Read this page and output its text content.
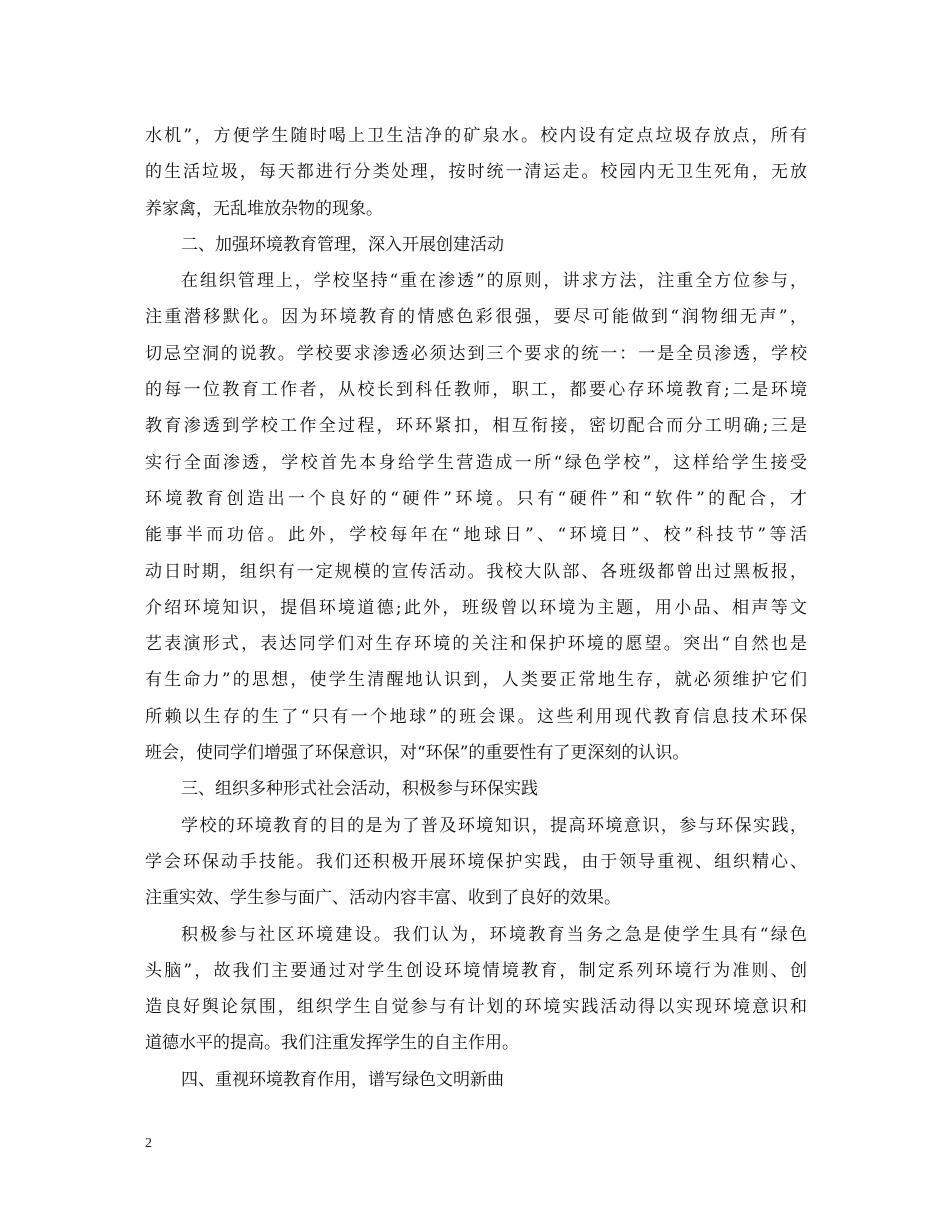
水机”，方便学生随时喝上卫生洁净的矿泉水。校内设有定点垃圾存放点，所有
的生活垃圾，每天都进行分类处理，按时统一清运走。校园内无卫生死角，无放
养家禽，无乱堆放杂物的现象。
二、加强环境教育管理，深入开展创建活动
在组织管理上，学校坚持“重在渗透”的原则，讲求方法，注重全方位参与，
注重潜移默化。因为环境教育的情感色彩很强，要尽可能做到“润物细无声”，
切忌空洞的说教。学校要求渗透必须达到三个要求的统一：一是全员渗透，学校
的每一位教育工作者，从校长到科任教师，职工，都要心存环境教育;二是环境
教育渗透到学校工作全过程，环环紧扣，相互衔接，密切配合而分工明确;三是
实行全面渗透，学校首先本身给学生营造成一所“绿色学校”，这样给学生接受
环境教育创造出一个良好的“硬件”环境。只有“硬件”和“软件”的配合，才
能事半而功倍。此外，学校每年在“地球日”、“环境日”、校”科技节”等活
动日时期，组织有一定规模的宣传活动。我校大队部、各班级都曾出过黑板报，
介绍环境知识，提倡环境道德;此外，班级曾以环境为主题，用小品、相声等文
艺表演形式，表达同学们对生存环境的关注和保护环境的愿望。突出“自然也是
有生命力”的思想，使学生清醒地认识到，人类要正常地生存，就必须维护它们
所赖以生存的生了“只有一个地球”的班会课。这些利用现代教育信息技术环保
班会，使同学们增强了环保意识，对“环保”的重要性有了更深刻的认识。
三、组织多种形式社会活动，积极参与环保实践
学校的环境教育的目的是为了普及环境知识，提高环境意识，参与环保实践，
学会环保动手技能。我们还积极开展环境保护实践，由于领导重视、组织精心、
注重实效、学生参与面广、活动内容丰富、收到了良好的效果。
积极参与社区环境建设。我们认为，环境教育当务之急是使学生具有“绿色
头脑”，故我们主要通过对学生创设环境情境教育，制定系列环境行为准则、创
造良好舆论氛围，组织学生自觉参与有计划的环境实践活动得以实现环境意识和
道德水平的提高。我们注重发挥学生的自主作用。
四、重视环境教育作用，谱写绿色文明新曲
2
